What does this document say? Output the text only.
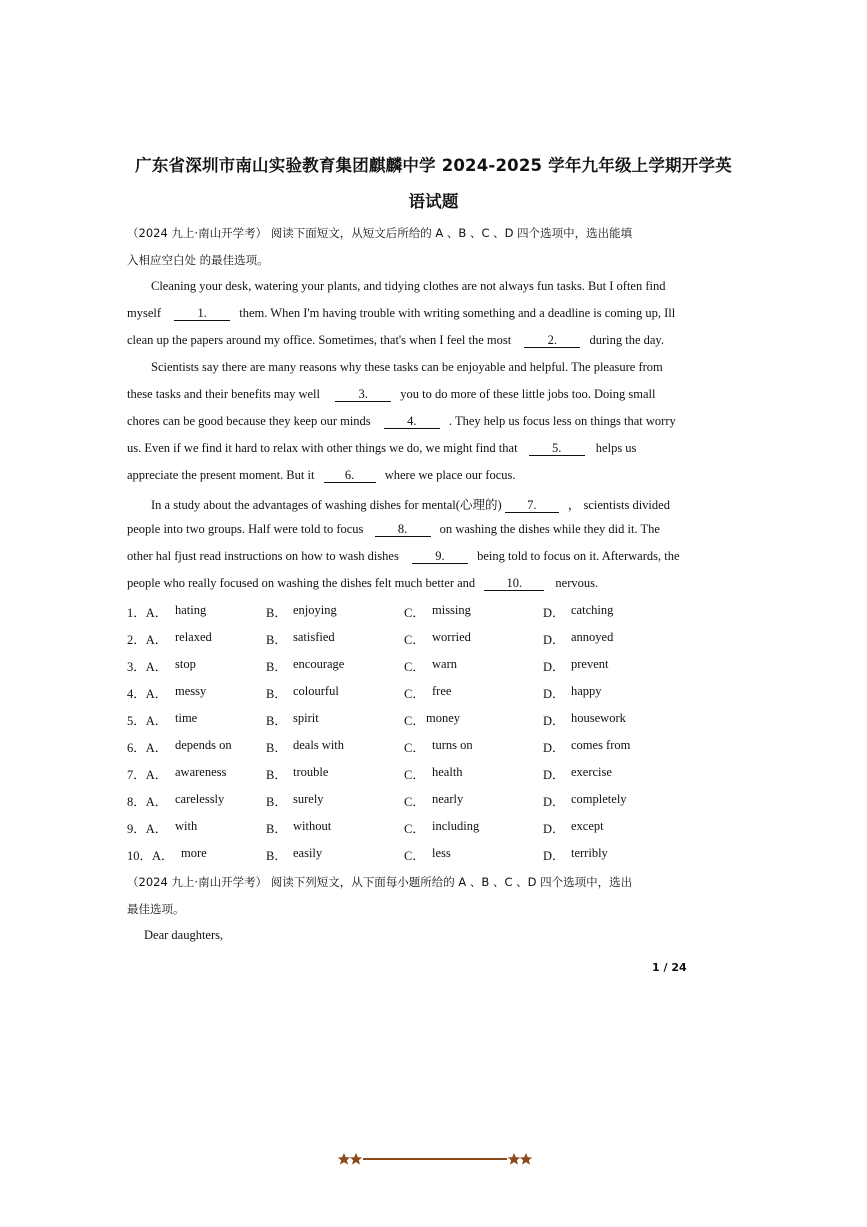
广东省深圳市南山实验教育集团麒麟中学 2024-2025 学年九年级上学期开学英
语试题
（2024 九上·南山开学考） 阅读下面短文，从短文后所给的 A 、B 、C 、D 四个选项中，选出能填
入相应空白处 的最佳选项。
Cleaning your desk, watering your plants, and tidying clothes are not always fun tasks. But I often find
myself	1.	them. When I'm having trouble with writing something and a deadline is coming up, Ill
clean up the papers around my office. Sometimes, that's when I feel the most	2.	during the day.
Scientists say there are many reasons why these tasks can be enjoyable and helpful. The pleasure from
these tasks and their benefits may well	3.	you to do more of these little jobs too. Doing small
chores can be good because they keep our minds	4.	. They help us focus less on things that worry
us. Even if we find it hard to relax with other things we do, we might find that	5.	helps us
appreciate the present moment. But it 6. where we place our focus.
In a study about the advantages of washing dishes for mental(心理的) 7.	， scientists divided
people into two groups. Half were told to focus	8.	on washing the dishes while they did it. The
other hal fjust read instructions on how to wash dishes	9.	being told to focus on it. Afterwards, the
people who really focused on washing the dishes felt much better and	10.	nervous.
1．A． hating	B． enjoying	C． missing	D． catching
2．A． relaxed	B． satisfied	C． worried	D． annoyed
3．A． stop	B． encourage	C． warn	D． prevent
4．A． messy	B． colourful	C． free	D． happy
5．A． time	B． spirit	C． money	D． housework
6．A． depends on	B． deals with	C． turns on	D． comes from
7．A． awareness	B． trouble	C． health	D． exercise
8．A． carelessly	B． surely	C． nearly	D． completely
9．A． with	B． without	C． including	D． except
10．A． more	B． easily	C． less	D． terribly
（2024 九上·南山开学考） 阅读下列短文，从下面每小题所给的 A 、B 、C 、D 四个选项中，选出
最佳选项。
Dear daughters,
1 / 24
